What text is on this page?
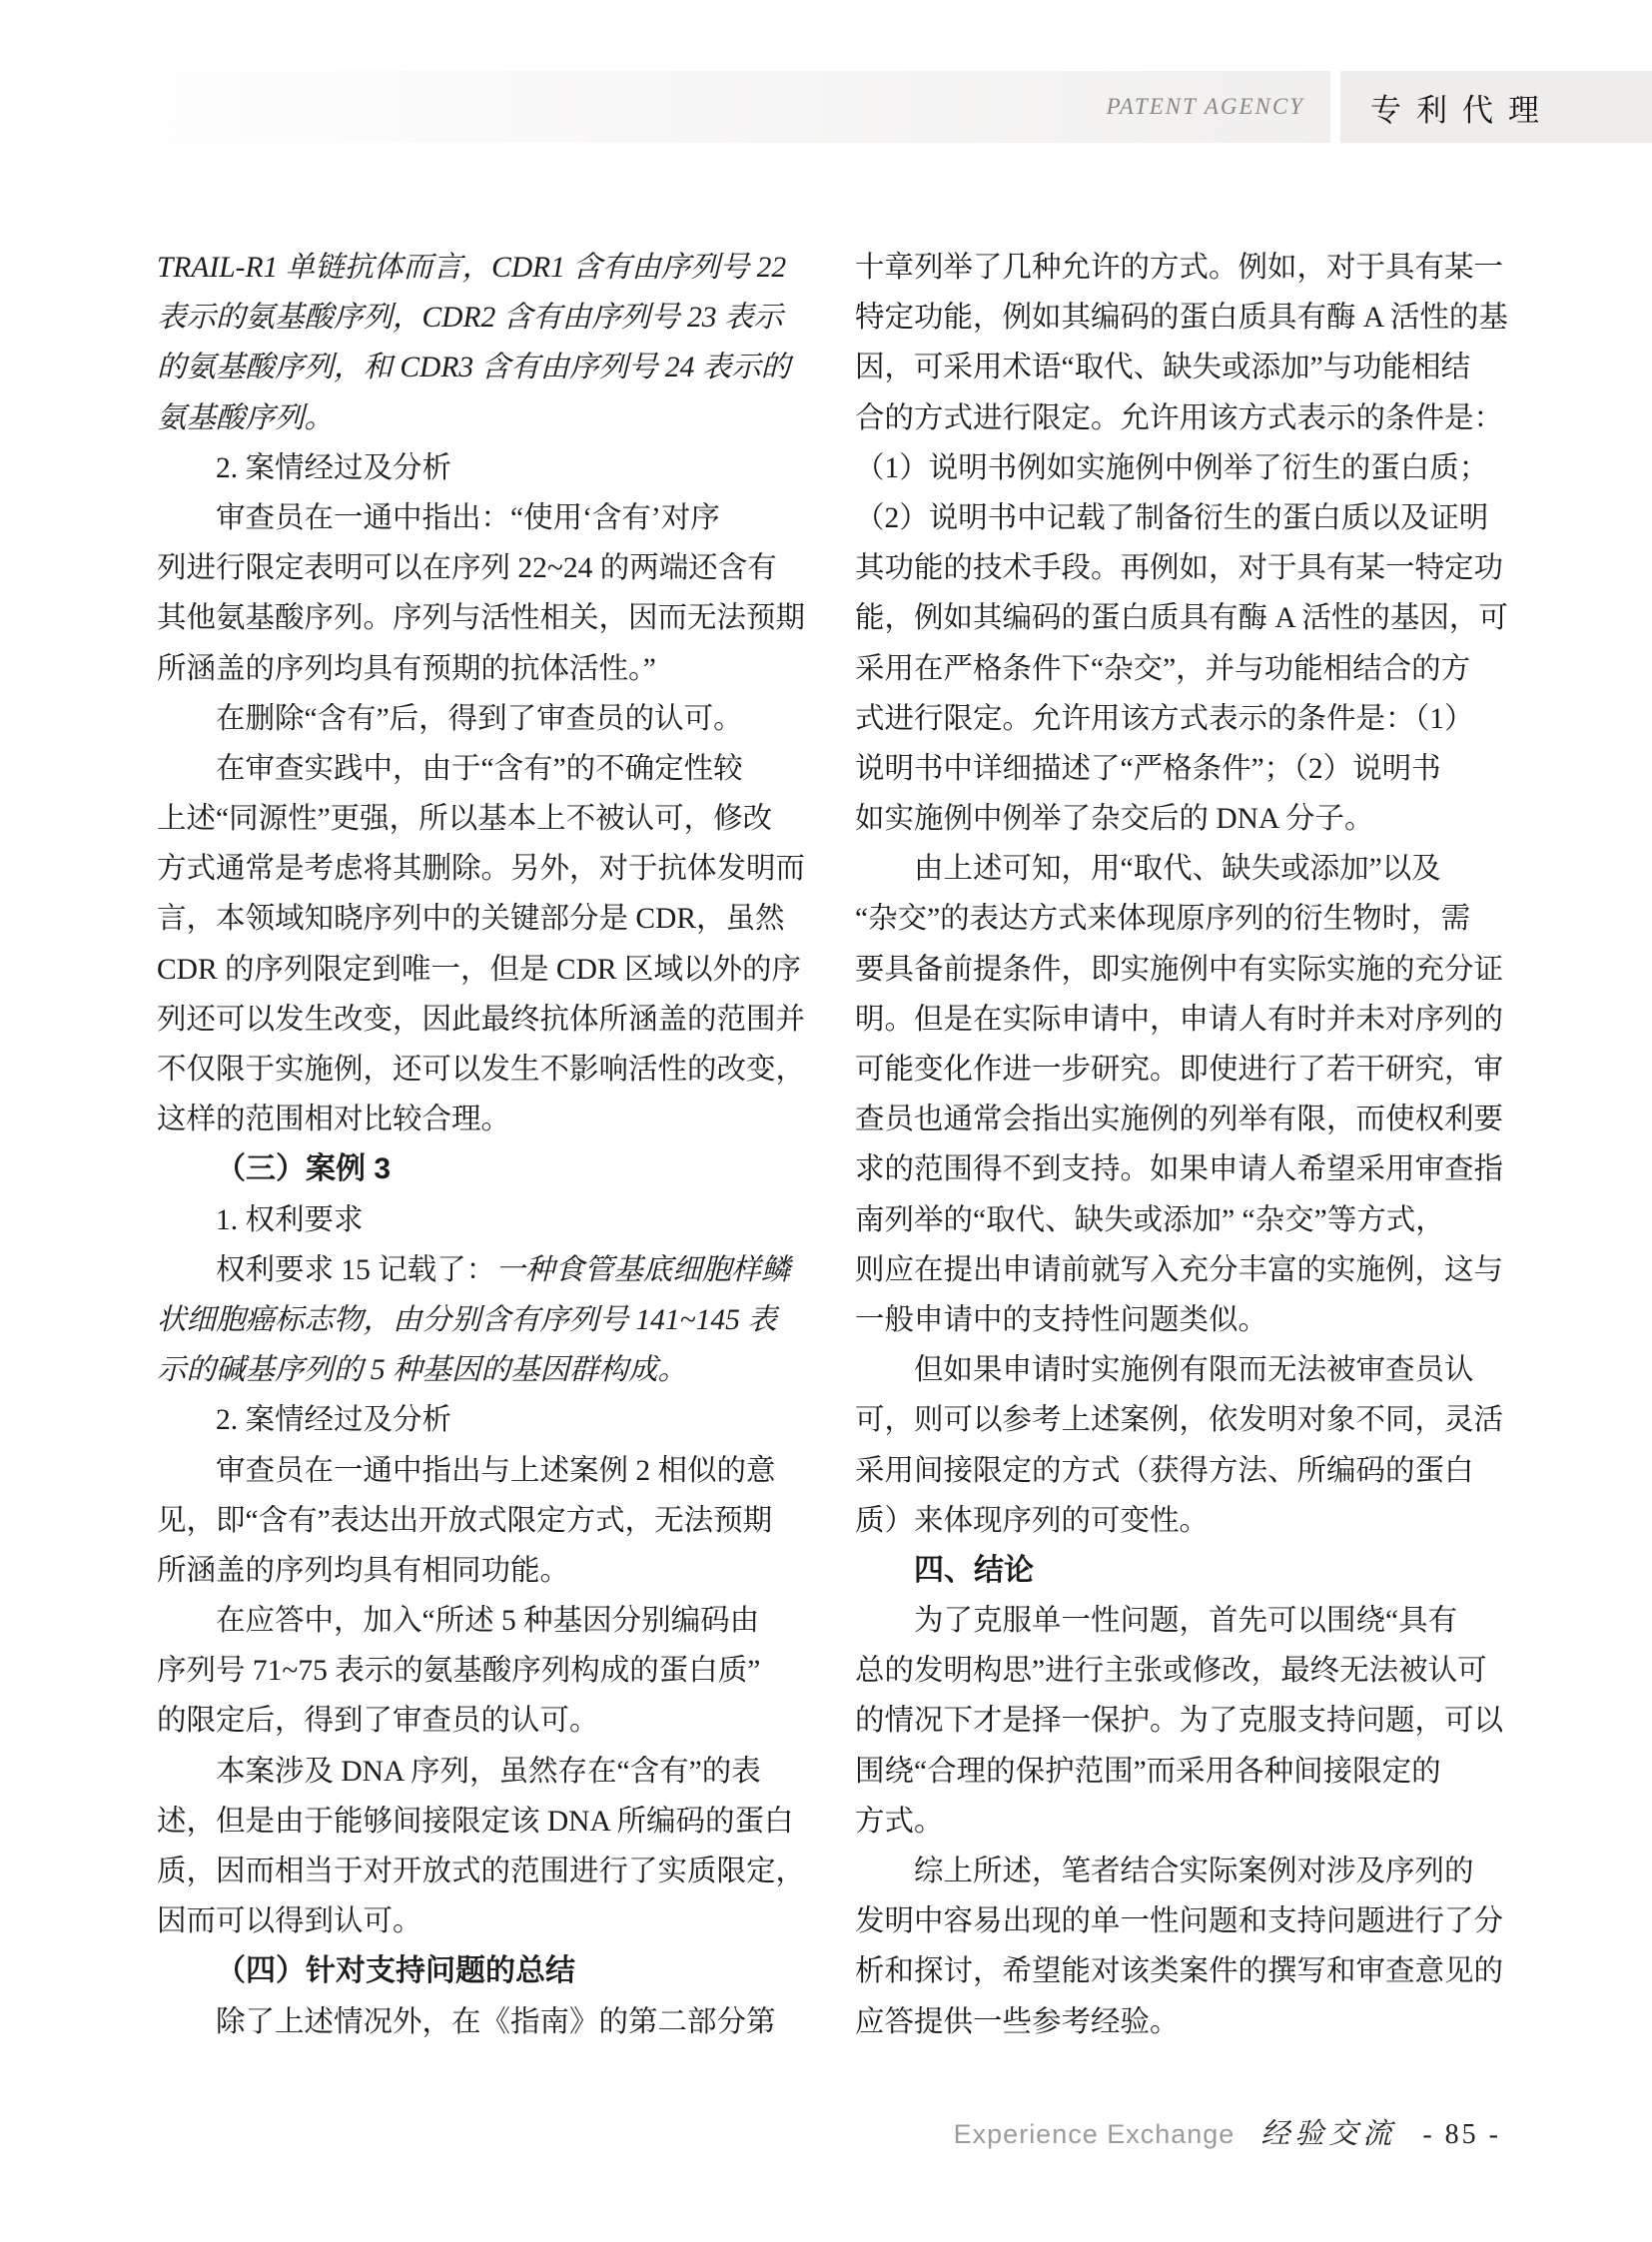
PATENT AGENCY 专利代理
TRAIL-R1 单链抗体而言，CDR1 含有由序列号 22
表示的氨基酸序列，CDR2 含有由序列号 23 表示
的氨基酸序列，和 CDR3 含有由序列号 24 表示的
氨基酸序列。
2. 案情经过及分析
审查员在一通中指出：“使用‘含有’对序
列进行限定表明可以在序列 22~24 的两端还含有
其他氨基酸序列。序列与活性相关，因而无法预期
所涵盖的序列均具有预期的抗体活性。”
在删除“含有”后，得到了审查员的认可。
在审查实践中，由于“含有”的不确定性较
上述“同源性”更强，所以基本上不被认可，修改
方式通常是考虑将其删除。另外，对于抗体发明而
言，本领域知晓序列中的关键部分是 CDR，虽然
CDR 的序列限定到唯一，但是 CDR 区域以外的序
列还可以发生改变，因此最终抗体所涵盖的范围并
不仅限于实施例，还可以发生不影响活性的改变，
这样的范围相对比较合理。
（三）案例 3
1. 权利要求
权利要求 15 记载了：一种食管基底细胞样鳞
状细胞癌标志物，由分别含有序列号 141~145 表
示的碱基序列的 5 种基因的基因群构成。
2. 案情经过及分析
审查员在一通中指出与上述案例 2 相似的意
见，即“含有”表达出开放式限定方式，无法预期
所涵盖的序列均具有相同功能。
在应答中，加入“所述 5 种基因分别编码由
序列号 71~75 表示的氨基酸序列构成的蛋白质”
的限定后，得到了审查员的认可。
本案涉及 DNA 序列，虽然存在“含有”的表
述，但是由于能够间接限定该 DNA 所编码的蛋白
质，因而相当于对开放式的范围进行了实质限定，
因而可以得到认可。
（四）针对支持问题的总结
除了上述情况外，在《指南》的第二部分第
十章列举了几种允许的方式。例如，对于具有某一
特定功能，例如其编码的蛋白质具有酶 A 活性的基
因，可采用术语“取代、缺失或添加”与功能相结
合的方式进行限定。允许用该方式表示的条件是：
（1）说明书例如实施例中例举了衍生的蛋白质；
（2）说明书中记载了制备衍生的蛋白质以及证明
其功能的技术手段。再例如，对于具有某一特定功
能，例如其编码的蛋白质具有酶 A 活性的基因，可
采用在严格条件下“杂交”，并与功能相结合的方
式进行限定。允许用该方式表示的条件是：（1）
说明书中详细描述了“严格条件”；（2）说明书
如实施例中例举了杂交后的 DNA 分子。
由上述可知，用“取代、缺失或添加”以及
“杂交”的表达方式来体现原序列的衍生物时，需
要具备前提条件，即实施例中有实际实施的充分证
明。但是在实际申请中，申请人有时并未对序列的
可能变化作进一步研究。即使进行了若干研究，审
查员也通常会指出实施例的列举有限，而使权利要
求的范围得不到支持。如果申请人希望采用审查指
南列举的“取代、缺失或添加” “杂交”等方式，
则应在提出申请前就写入充分丰富的实施例，这与
一般申请中的支持性问题类似。
但如果申请时实施例有限而无法被审查员认
可，则可以参考上述案例，依发明对象不同，灵活
采用间接限定的方式（获得方法、所编码的蛋白
质）来体现序列的可变性。
四、结论
为了克服单一性问题，首先可以围绕“具有
总的发明构思”进行主张或修改，最终无法被认可
的情况下才是择一保护。为了克服支持问题，可以
围绕“合理的保护范围”而采用各种间接限定的
方式。
综上所述，笔者结合实际案例对涉及序列的
发明中容易出现的单一性问题和支持问题进行了分
析和探讨，希望能对该类案件的撰写和审查意见的
应答提供一些参考经验。
Experience Exchange 经验交流 - 85 -
